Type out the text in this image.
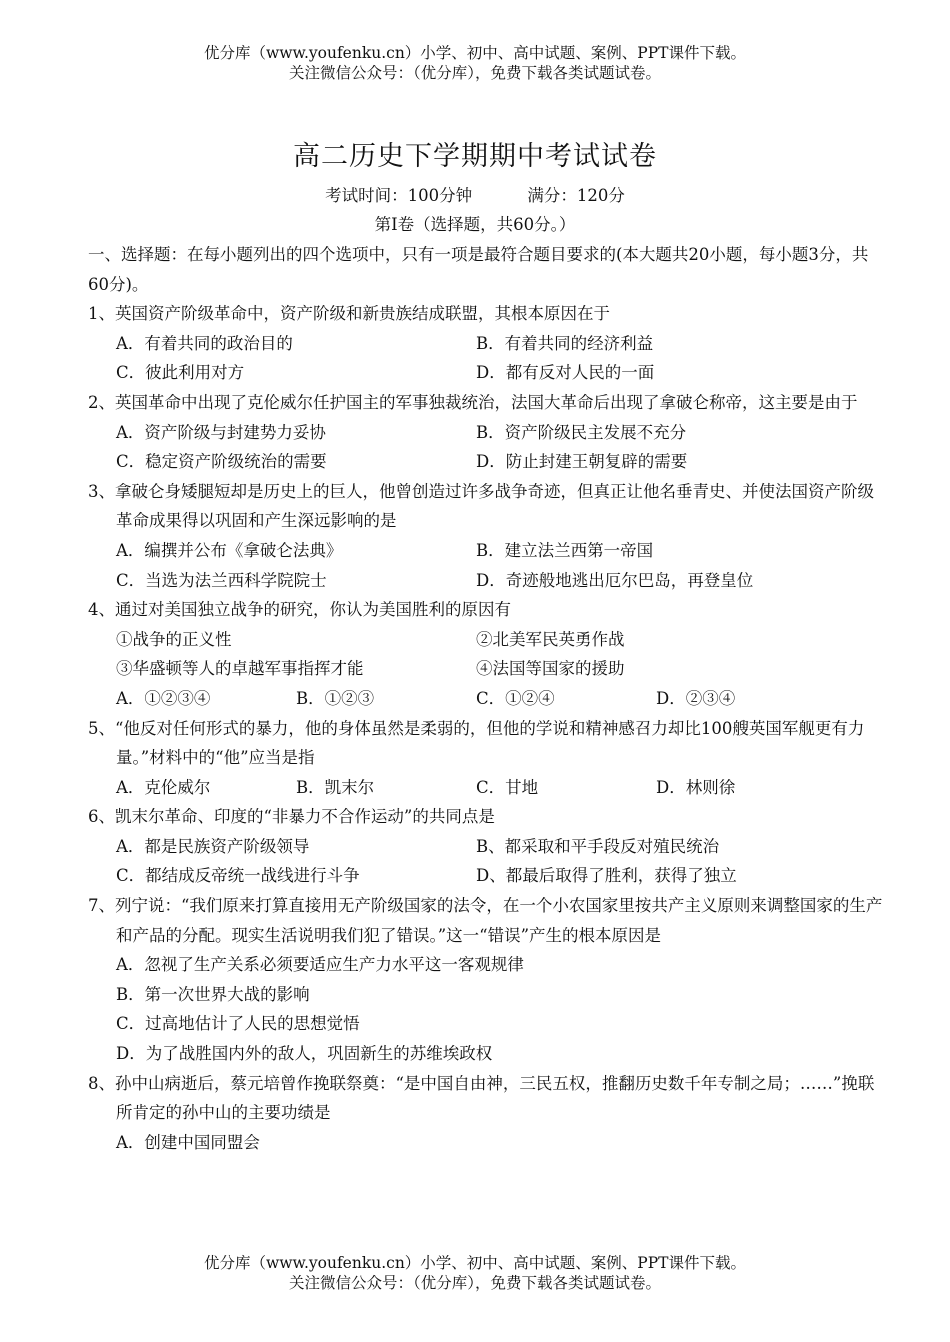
优分库（www.youfenku.cn）小学、初中、高中试题、案例、PPT课件下载。
关注微信公众号：（优分库），免费下载各类试题试卷。
高二历史下学期期中考试试卷
考试时间：100分钟	满分：120分
第Ⅰ卷（选择题，共60分。）

一、选择题：在每小题列出的四个选项中，只有一项是最符合题目要求的(本大题共20小题，每小题3分，共60分)。

1、英国资产阶级革命中，资产阶级和新贵族结成联盟，其根本原因在于

A．有着共同的政治目的	B．有着共同的经济利益
C．彼此利用对方	D．都有反对人民的一面

2、英国革命中出现了克伦威尔任护国主的军事独裁统治，法国大革命后出现了拿破仑称帝，这主要是由于

A．资产阶级与封建势力妥协	B．资产阶级民主发展不充分
C．稳定资产阶级统治的需要	D．防止封建王朝复辟的需要

3、拿破仑身矮腿短却是历史上的巨人，他曾创造过许多战争奇迹，但真正让他名垂青史、并使法国资产阶级革命成果得以巩固和产生深远影响的是

A．编撰并公布《拿破仑法典》	B．建立法兰西第一帝国
C．当选为法兰西科学院院士	D．奇迹般地逃出厄尔巴岛，再登皇位

4、通过对美国独立战争的研究，你认为美国胜利的原因有

①战争的正义性	②北美军民英勇作战
③华盛顿等人的卓越军事指挥才能	④法国等国家的援助
A．①②③④	B．①②③	C．①②④	D．②③④

5、“他反对任何形式的暴力，他的身体虽然是柔弱的，但他的学说和精神感召力却比100艘英国军舰更有力量。”材料中的“他”应当是指

A．克伦威尔	B．凯末尔	C．甘地	D．林则徐

6、凯末尔革命、印度的“非暴力不合作运动”的共同点是

A．都是民族资产阶级领导	B、都采取和平手段反对殖民统治
C．都结成反帝统一战线进行斗争	D、都最后取得了胜利，获得了独立

7、列宁说：“我们原来打算直接用无产阶级国家的法令，在一个小农国家里按共产主义原则来调整国家的生产和产品的分配。现实生活说明我们犯了错误。”这一“错误”产生的根本原因是

A．忽视了生产关系必须要适应生产力水平这一客观规律
B．第一次世界大战的影响
C．过高地估计了人民的思想觉悟
D．为了战胜国内外的敌人，巩固新生的苏维埃政权

8、孙中山病逝后，蔡元培曾作挽联祭奠：“是中国自由神，三民五权，推翻历史数千年专制之局；……”挽联所肯定的孙中山的主要功绩是

A．创建中国同盟会
优分库（www.youfenku.cn）小学、初中、高中试题、案例、PPT课件下载。
关注微信公众号：（优分库），免费下载各类试题试卷。
